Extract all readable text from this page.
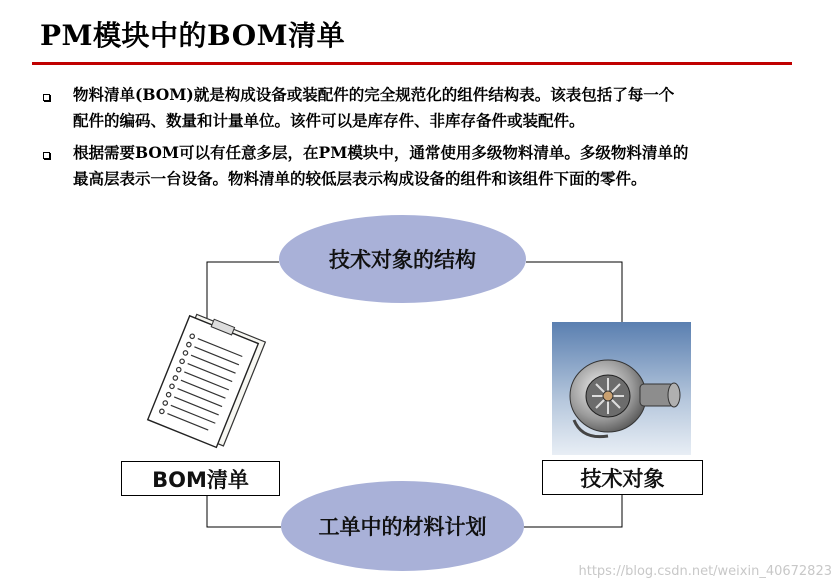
PM模块中的BOM清单
物料清单(BOM)就是构成设备或装配件的完全规范化的组件结构表。该表包括了每一个
配件的编码、数量和计量单位。该件可以是库存件、非库存备件或装配件。
根据需要BOM可以有任意多层，在PM模块中，通常使用多级物料清单。多级物料清单的
最高层表示一台设备。物料清单的较低层表示构成设备的组件和该组件下面的零件。
技术对象的结构
工单中的材料计划
BOM清单	技术对象
https://blog.csdn.net/weixin_40672823
